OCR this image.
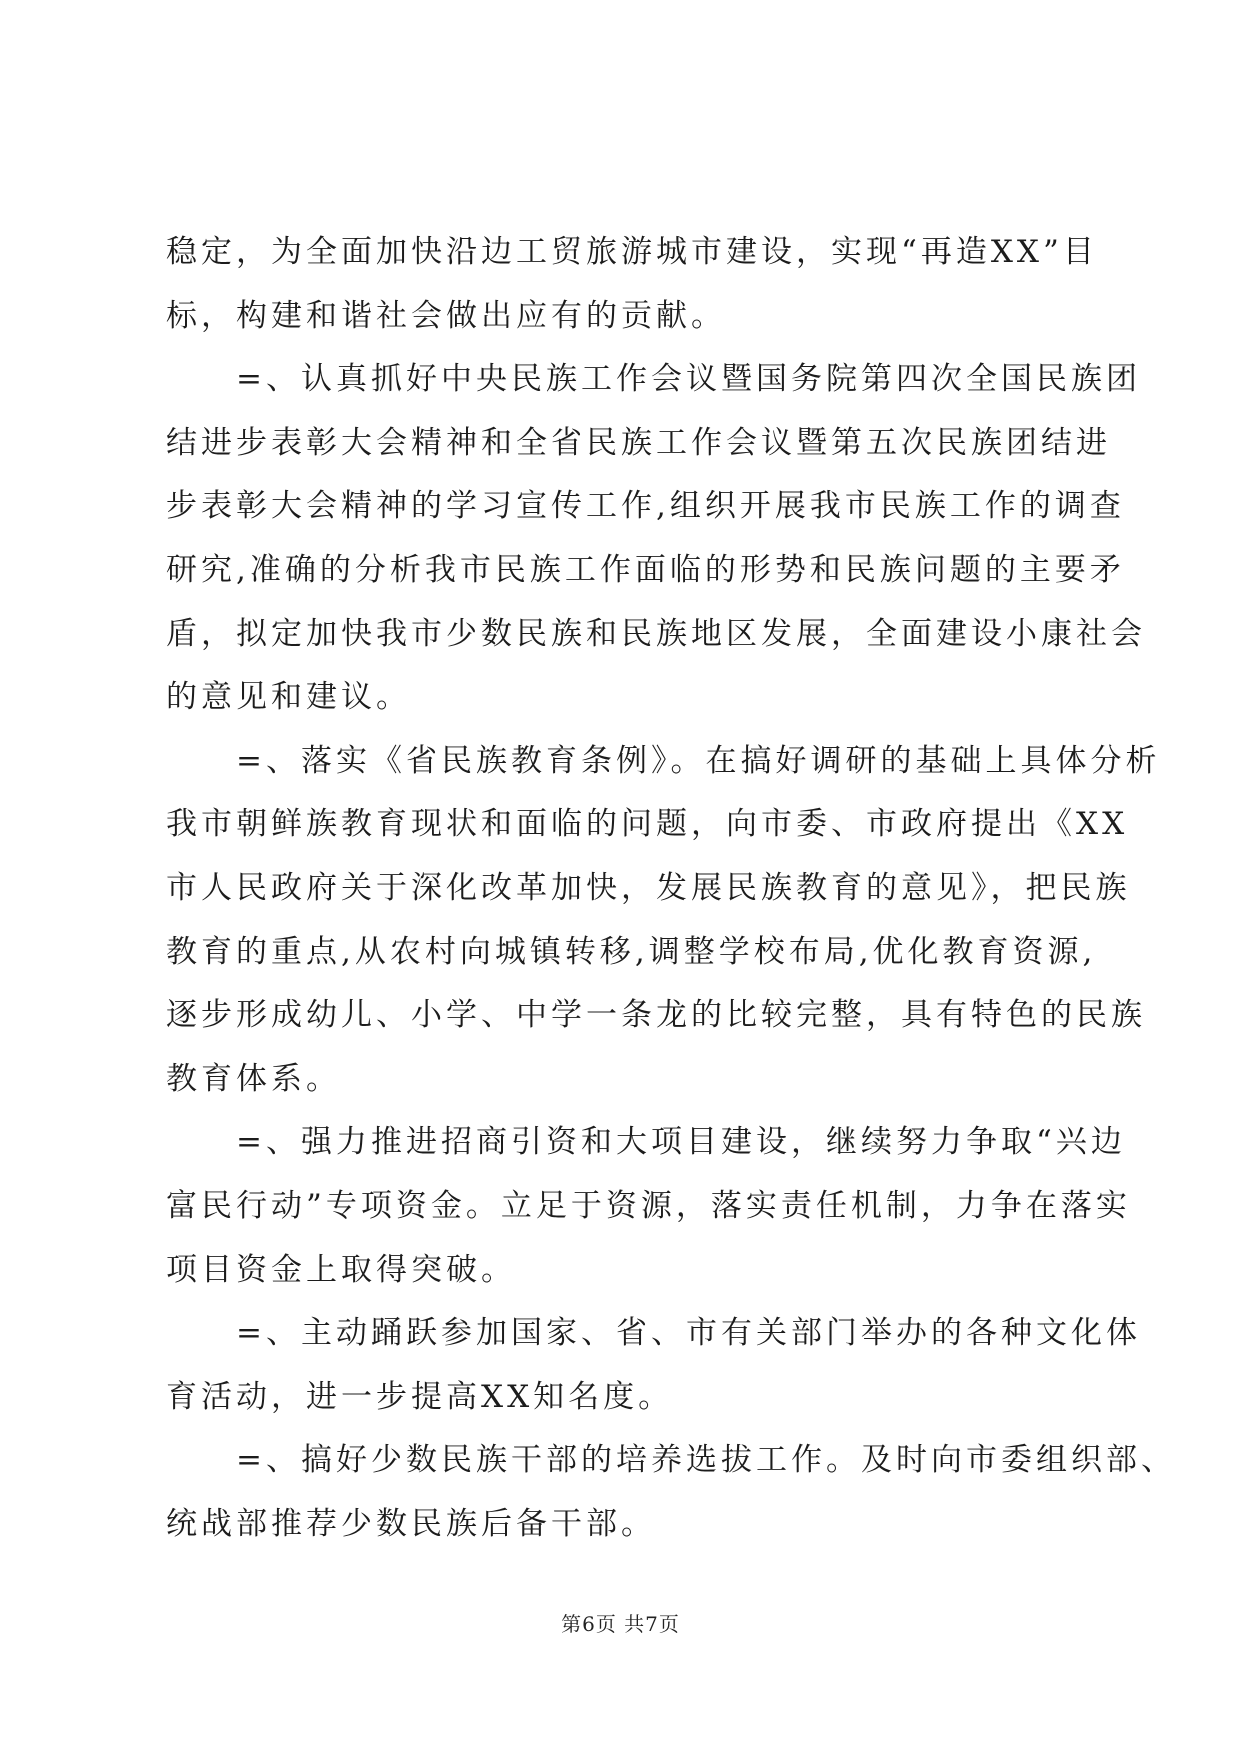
稳定，为全面加快沿边工贸旅游城市建设，实现“再造XX”目
标，构建和谐社会做出应有的贡献。
　　=、认真抓好中央民族工作会议暨国务院第四次全国民族团
结进步表彰大会精神和全省民族工作会议暨第五次民族团结进
步表彰大会精神的学习宣传工作,组织开展我市民族工作的调查
研究,准确的分析我市民族工作面临的形势和民族问题的主要矛
盾，拟定加快我市少数民族和民族地区发展，全面建设小康社会
的意见和建议。
　　=、落实《省民族教育条例》。在搞好调研的基础上具体分析
我市朝鲜族教育现状和面临的问题，向市委、市政府提出《XX
市人民政府关于深化改革加快，发展民族教育的意见》，把民族
教育的重点,从农村向城镇转移,调整学校布局,优化教育资源,
逐步形成幼儿、小学、中学一条龙的比较完整，具有特色的民族
教育体系。
　　=、强力推进招商引资和大项目建设，继续努力争取“兴边
富民行动”专项资金。立足于资源，落实责任机制，力争在落实
项目资金上取得突破。
　　=、主动踊跃参加国家、省、市有关部门举办的各种文化体
育活动，进一步提高XX知名度。
　　=、搞好少数民族干部的培养选拔工作。及时向市委组织部、
统战部推荐少数民族后备干部。
第6页 共7页
